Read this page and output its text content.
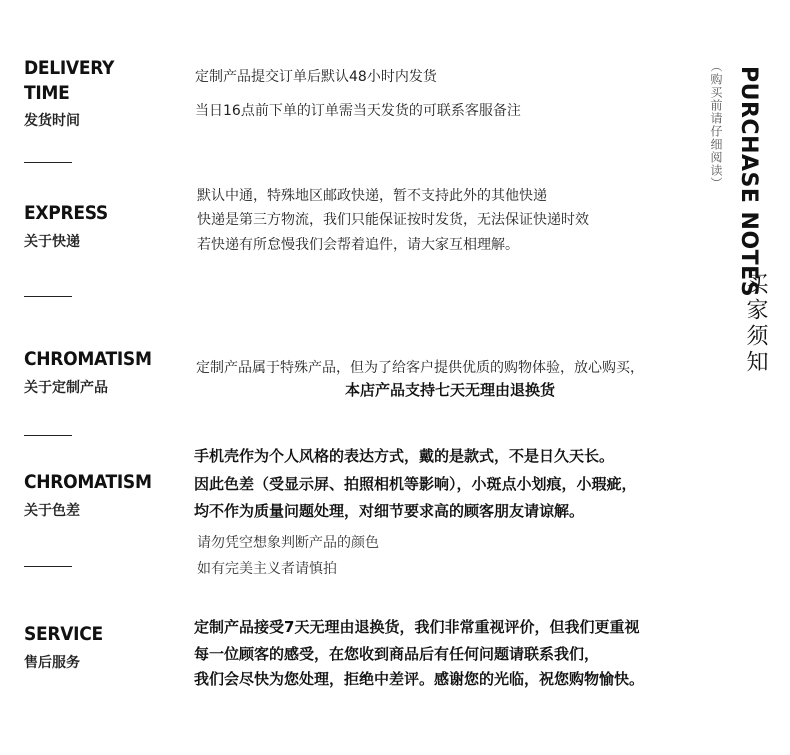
（购买前请仔细阅读） PURCHASE NOTES
买家须知
DELIVERY
TIME
发货时间
定制产品提交订单后默认48小时内发货
当日16点前下单的订单需当天发货的可联系客服备注
EXPRESS
关于快递
默认中通，特殊地区邮政快递，暂不支持此外的其他快递
快递是第三方物流，我们只能保证按时发货，无法保证快递时效
若快递有所怠慢我们会帮着追件，请大家互相理解。
CHROMATISM
关于定制产品
定制产品属于特殊产品，但为了给客户提供优质的购物体验，放心购买，
本店产品支持七天无理由退换货
CHROMATISM
关于色差
手机壳作为个人风格的表达方式，戴的是款式，不是日久天长。
因此色差（受显示屏、拍照相机等影响），小斑点小划痕，小瑕疵，
均不作为质量问题处理，对细节要求高的顾客朋友请谅解。
请勿凭空想象判断产品的颜色
如有完美主义者请慎拍
SERVICE
售后服务
定制产品接受7天无理由退换货，我们非常重视评价，但我们更重视
每一位顾客的感受，在您收到商品后有任何问题请联系我们，
我们会尽快为您处理，拒绝中差评。感谢您的光临，祝您购物愉快。
